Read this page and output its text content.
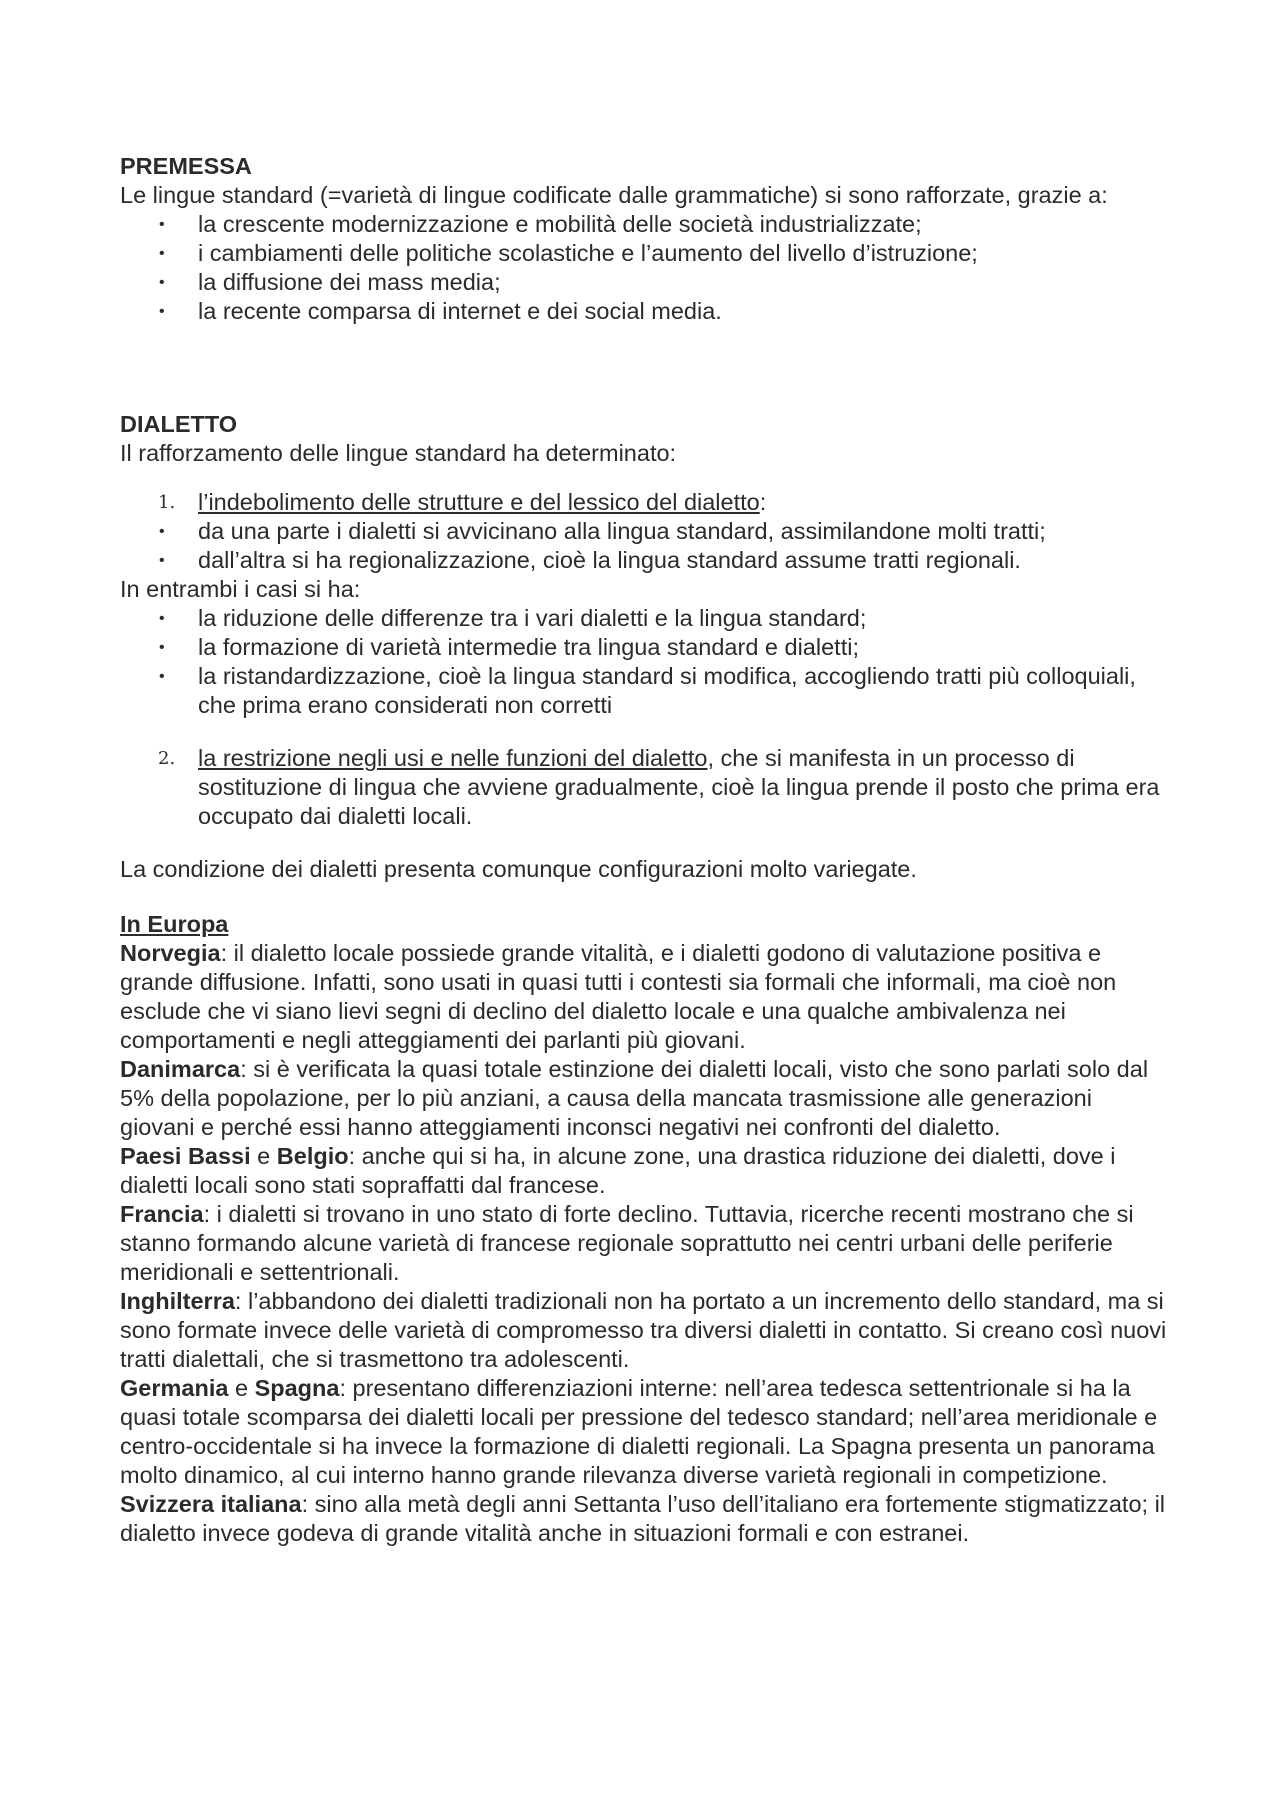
PREMESSA

Le lingue standard (=varietà di lingue codificate dalle grammatiche) si sono rafforzate, grazie a:

• la crescente modernizzazione e mobilità delle società industrializzate;
• i cambiamenti delle politiche scolastiche e l’aumento del livello d’istruzione;
• la diffusione dei mass media;
• la recente comparsa di internet e dei social media.

DIALETTO

Il rafforzamento delle lingue standard ha determinato:

1. l’indebolimento delle strutture e del lessico del dialetto:
• da una parte i dialetti si avvicinano alla lingua standard, assimilandone molti tratti;
• dall’altra si ha regionalizzazione, cioè la lingua standard assume tratti regionali.

In entrambi i casi si ha:

• la riduzione delle differenze tra i vari dialetti e la lingua standard;
• la formazione di varietà intermedie tra lingua standard e dialetti;
• la ristandardizzazione, cioè la lingua standard si modifica, accogliendo tratti più colloquiali, che prima erano considerati non corretti
2. la restrizione negli usi e nelle funzioni del dialetto, che si manifesta in un processo di sostituzione di lingua che avviene gradualmente, cioè la lingua prende il posto che prima era occupato dai dialetti locali.

La condizione dei dialetti presenta comunque configurazioni molto variegate.

In Europa

Norvegia: il dialetto locale possiede grande vitalità, e i dialetti godono di valutazione positiva e grande diffusione. Infatti, sono usati in quasi tutti i contesti sia formali che informali, ma cioè non esclude che vi siano lievi segni di declino del dialetto locale e una qualche ambivalenza nei comportamenti e negli atteggiamenti dei parlanti più giovani.

Danimarca: si è verificata la quasi totale estinzione dei dialetti locali, visto che sono parlati solo dal 5% della popolazione, per lo più anziani, a causa della mancata trasmissione alle generazioni giovani e perché essi hanno atteggiamenti inconsci negativi nei confronti del dialetto.

Paesi Bassi e Belgio: anche qui si ha, in alcune zone, una drastica riduzione dei dialetti, dove i dialetti locali sono stati sopraffatti dal francese.

Francia: i dialetti si trovano in uno stato di forte declino. Tuttavia, ricerche recenti mostrano che si stanno formando alcune varietà di francese regionale soprattutto nei centri urbani delle periferie meridionali e settentrionali.

Inghilterra: l’abbandono dei dialetti tradizionali non ha portato a un incremento dello standard, ma si sono formate invece delle varietà di compromesso tra diversi dialetti in contatto. Si creano così nuovi tratti dialettali, che si trasmettono tra adolescenti.

Germania e Spagna: presentano differenziazioni interne: nell’area tedesca settentrionale si ha la quasi totale scomparsa dei dialetti locali per pressione del tedesco standard; nell’area meridionale e centro-occidentale si ha invece la formazione di dialetti regionali. La Spagna presenta un panorama molto dinamico, al cui interno hanno grande rilevanza diverse varietà regionali in competizione.

Svizzera italiana: sino alla metà degli anni Settanta l’uso dell’italiano era fortemente stigmatizzato; il dialetto invece godeva di grande vitalità anche in situazioni formali e con estranei.
